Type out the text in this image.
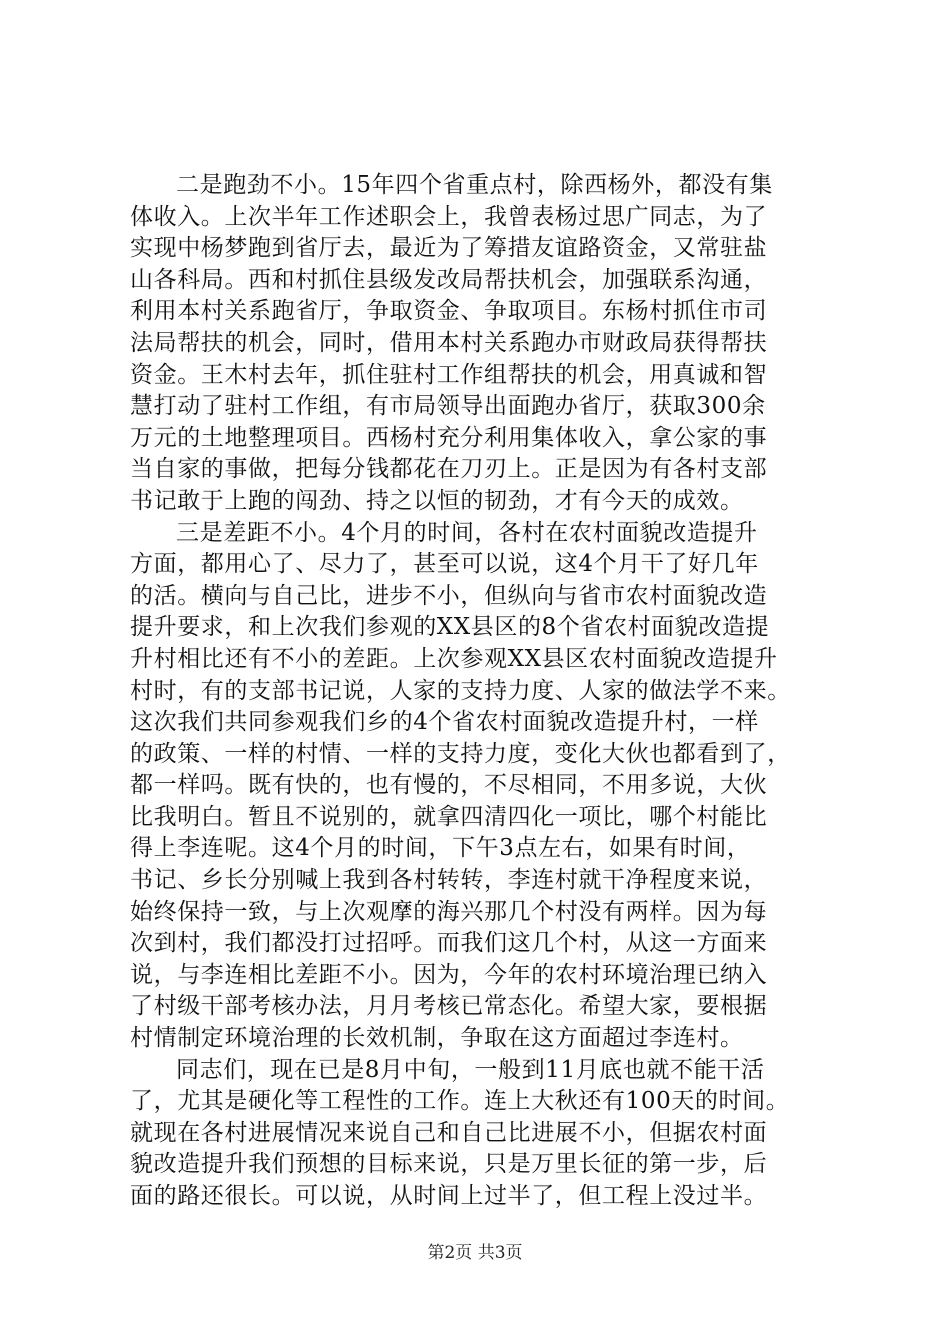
二是跑劲不小。15年四个省重点村，除西杨外，都没有集
体收入。上次半年工作述职会上，我曾表杨过思广同志，为了
实现中杨梦跑到省厅去，最近为了筹措友谊路资金，又常驻盐
山各科局。西和村抓住县级发改局帮扶机会，加强联系沟通，
利用本村关系跑省厅，争取资金、争取项目。东杨村抓住市司
法局帮扶的机会，同时，借用本村关系跑办市财政局获得帮扶
资金。王木村去年，抓住驻村工作组帮扶的机会，用真诚和智
慧打动了驻村工作组，有市局领导出面跑办省厅，获取300余
万元的土地整理项目。西杨村充分利用集体收入，拿公家的事
当自家的事做，把每分钱都花在刀刃上。正是因为有各村支部
书记敢于上跑的闯劲、持之以恒的韧劲，才有今天的成效。
三是差距不小。4个月的时间，各村在农村面貌改造提升
方面，都用心了、尽力了，甚至可以说，这4个月干了好几年
的活。横向与自己比，进步不小，但纵向与省市农村面貌改造
提升要求，和上次我们参观的XX县区的8个省农村面貌改造提
升村相比还有不小的差距。上次参观XX县区农村面貌改造提升
村时，有的支部书记说，人家的支持力度、人家的做法学不来。
这次我们共同参观我们乡的4个省农村面貌改造提升村，一样
的政策、一样的村情、一样的支持力度，变化大伙也都看到了，
都一样吗。既有快的，也有慢的，不尽相同，不用多说，大伙
比我明白。暂且不说别的，就拿四清四化一项比，哪个村能比
得上李连呢。这4个月的时间，下午3点左右，如果有时间，
书记、乡长分别喊上我到各村转转，李连村就干净程度来说，
始终保持一致，与上次观摩的海兴那几个村没有两样。因为每
次到村，我们都没打过招呼。而我们这几个村，从这一方面来
说，与李连相比差距不小。因为，今年的农村环境治理已纳入
了村级干部考核办法，月月考核已常态化。希望大家，要根据
村情制定环境治理的长效机制，争取在这方面超过李连村。
同志们，现在已是8月中旬，一般到11月底也就不能干活
了，尤其是硬化等工程性的工作。连上大秋还有100天的时间。
就现在各村进展情况来说自己和自己比进展不小，但据农村面
貌改造提升我们预想的目标来说，只是万里长征的第一步，后
面的路还很长。可以说，从时间上过半了，但工程上没过半。
第2页 共3页
